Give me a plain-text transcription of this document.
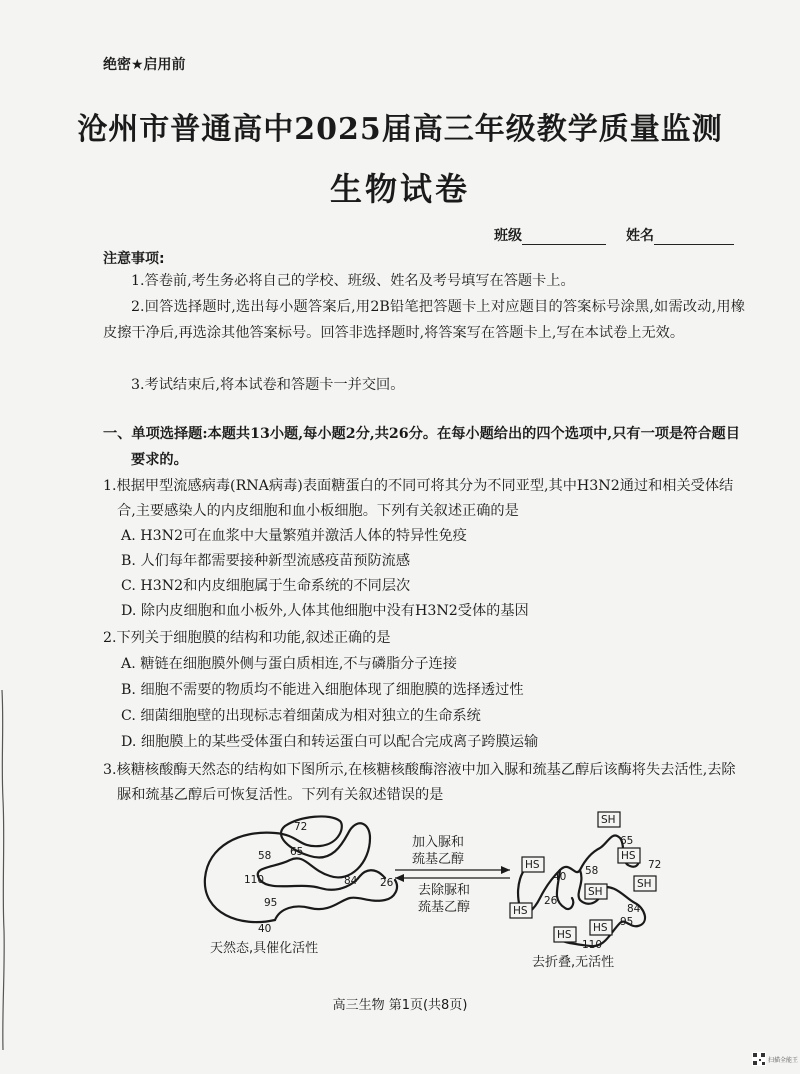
绝密★启用前
沧州市普通高中2025届高三年级教学质量监测
生物试卷
班级	姓名
注意事项:
1.答卷前,考生务必将自己的学校、班级、姓名及考号填写在答题卡上。
2.回答选择题时,选出每小题答案后,用2B铅笔把答题卡上对应题目的答案标号涂黑,如需改动,用橡皮擦干净后,再选涂其他答案标号。回答非选择题时,将答案写在答题卡上,写在本试卷上无效。
3.考试结束后,将本试卷和答题卡一并交回。
一、单项选择题:本题共13小题,每小题2分,共26分。在每小题给出的四个选项中,只有一项是符合题目要求的。
1.根据甲型流感病毒(RNA病毒)表面糖蛋白的不同可将其分为不同亚型,其中H3N2通过和相关受体结合,主要感染人的内皮细胞和血小板细胞。下列有关叙述正确的是
A. H3N2可在血浆中大量繁殖并激活人体的特异性免疫
B. 人们每年都需要接种新型流感疫苗预防流感
C. H3N2和内皮细胞属于生命系统的不同层次
D. 除内皮细胞和血小板外,人体其他细胞中没有H3N2受体的基因
2.下列关于细胞膜的结构和功能,叙述正确的是
A. 糖链在细胞膜外侧与蛋白质相连,不与磷脂分子连接
B. 细胞不需要的物质均不能进入细胞体现了细胞膜的选择透过性
C. 细菌细胞壁的出现标志着细菌成为相对独立的生命系统
D. 细胞膜上的某些受体蛋白和转运蛋白可以配合完成离子跨膜运输
3.核糖核酸酶天然态的结构如下图所示,在核糖核酸酶溶液中加入脲和巯基乙醇后该酶将失去活性,去除脲和巯基乙醇后可恢复活性。下列有关叙述错误的是
72
65
58
110	84 26
95
40
天然态,具催化活性
加入脲和
巯基乙醇
去除脲和
巯基乙醇
65
58
40
26
72
84
95
110
SH
HS
HS
SH
SH
HS
HS
HS
去折叠,无活性
高三生物 第1页(共8页)
扫描全能王
